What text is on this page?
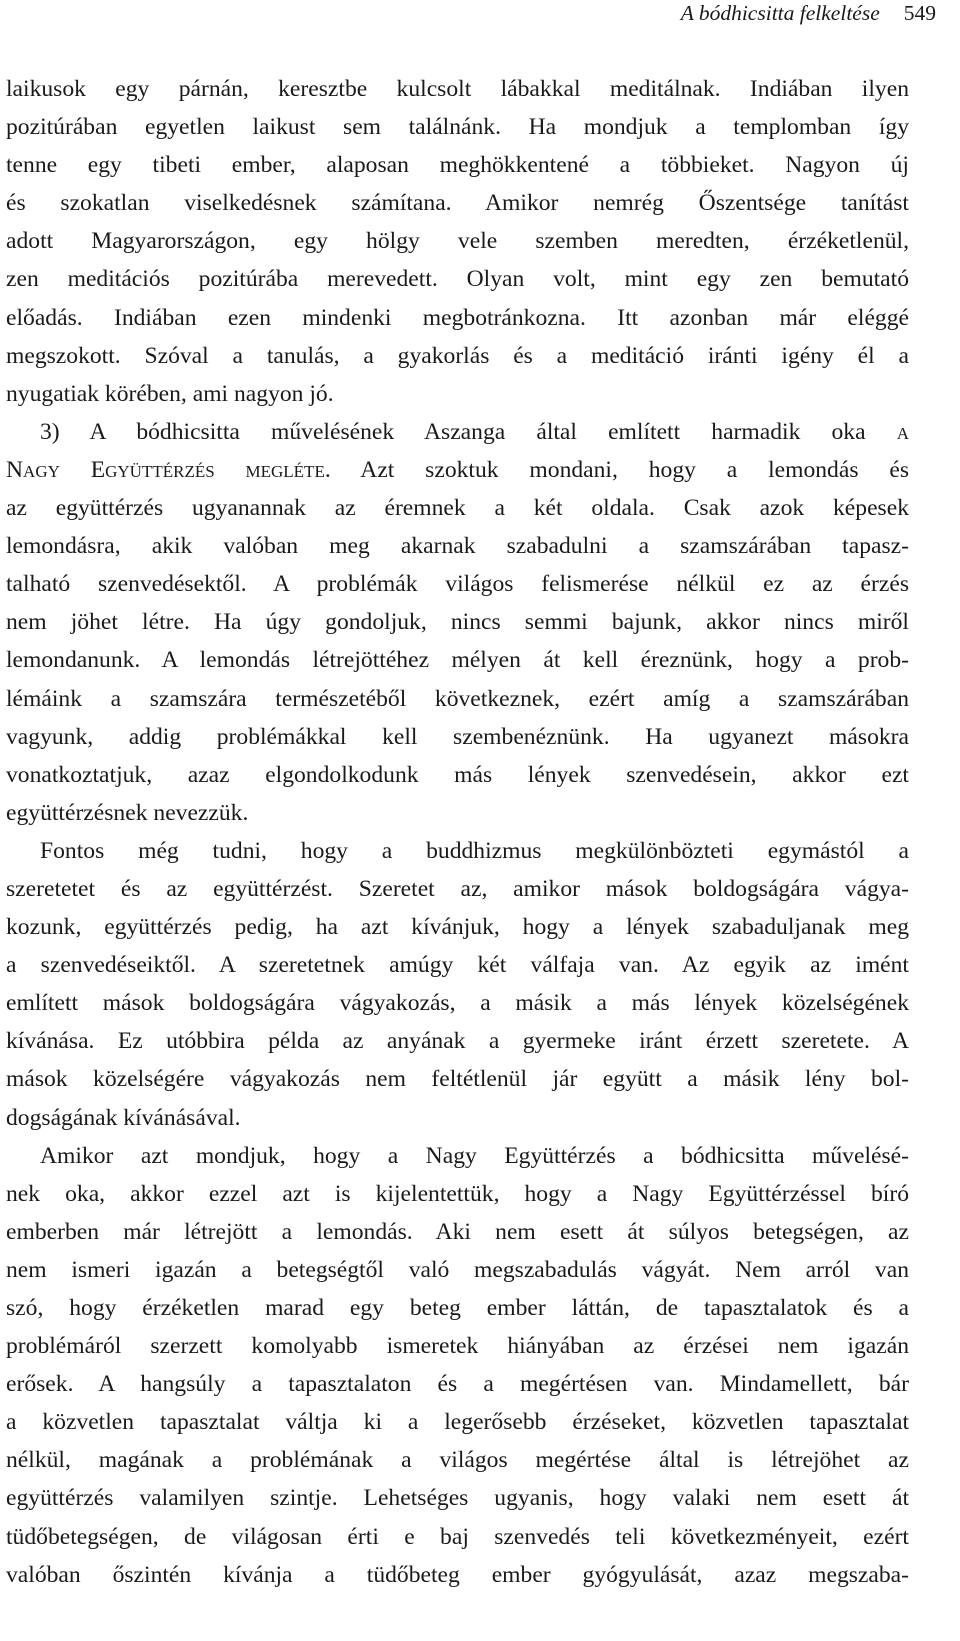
A bódhicsitta felkeltése 549
laikusok egy párnán, keresztbe kulcsolt lábakkal meditálnak. Indiában ilyen
pozitúrában egyetlen laikust sem találnánk. Ha mondjuk a templomban így
tenne egy tibeti ember, alaposan meghökkentené a többieket. Nagyon új
és szokatlan viselkedésnek számítana. Amikor nemrég Őszentsége tanítást
adott Magyarországon, egy hölgy vele szemben meredten, érzéketlenül,
zen meditációs pozitúrába merevedett. Olyan volt, mint egy zen bemutató
előadás. Indiában ezen mindenki megbotránkozna. Itt azonban már eléggé
megszokott. Szóval a tanulás, a gyakorlás és a meditáció iránti igény él a
nyugatiak körében, ami nagyon jó.
3) A bódhicsitta művelésének Aszanga által említett harmadik oka a
Nagy Együttérzés megléte. Azt szoktuk mondani, hogy a lemondás és
az együttérzés ugyanannak az éremnek a két oldala. Csak azok képesek
lemondásra, akik valóban meg akarnak szabadulni a szamszárában tapasz-
talható szenvedésektől. A problémák világos felismerése nélkül ez az érzés
nem jöhet létre. Ha úgy gondoljuk, nincs semmi bajunk, akkor nincs miről
lemondanunk. A lemondás létrejöttéhez mélyen át kell éreznünk, hogy a prob-
lémáink a szamszára természetéből következnek, ezért amíg a szamszárában
vagyunk, addig problémákkal kell szembenéznünk. Ha ugyanezt másokra
vonatkoztatjuk, azaz elgondolkodunk más lények szenvedésein, akkor ezt
együttérzésnek nevezzük.
Fontos még tudni, hogy a buddhizmus megkülönbözteti egymástól a
szeretetet és az együttérzést. Szeretet az, amikor mások boldogságára vágya-
kozunk, együttérzés pedig, ha azt kívánjuk, hogy a lények szabaduljanak meg
a szenvedéseiktől. A szeretetnek amúgy két válfaja van. Az egyik az imént
említett mások boldogságára vágyakozás, a másik a más lények közelségének
kívánása. Ez utóbbira példa az anyának a gyermeke iránt érzett szeretete. A
mások közelségére vágyakozás nem feltétlenül jár együtt a másik lény bol-
dogságának kívánásával.
Amikor azt mondjuk, hogy a Nagy Együttérzés a bódhicsitta művelésé-
nek oka, akkor ezzel azt is kijelentettük, hogy a Nagy Együttérzéssel bíró
emberben már létrejött a lemondás. Aki nem esett át súlyos betegségen, az
nem ismeri igazán a betegségtől való megszabadulás vágyát. Nem arról van
szó, hogy érzéketlen marad egy beteg ember láttán, de tapasztalatok és a
problémáról szerzett komolyabb ismeretek hiányában az érzései nem igazán
erősek. A hangsúly a tapasztalaton és a megértésen van. Mindamellett, bár
a közvetlen tapasztalat váltja ki a legerősebb érzéseket, közvetlen tapasztalat
nélkül, magának a problémának a világos megértése által is létrejöhet az
együttérzés valamilyen szintje. Lehetséges ugyanis, hogy valaki nem esett át
tüdőbetegségen, de világosan érti e baj szenvedés teli következményeit, ezért
valóban őszintén kívánja a tüdőbeteg ember gyógyulását, azaz megszaba-
